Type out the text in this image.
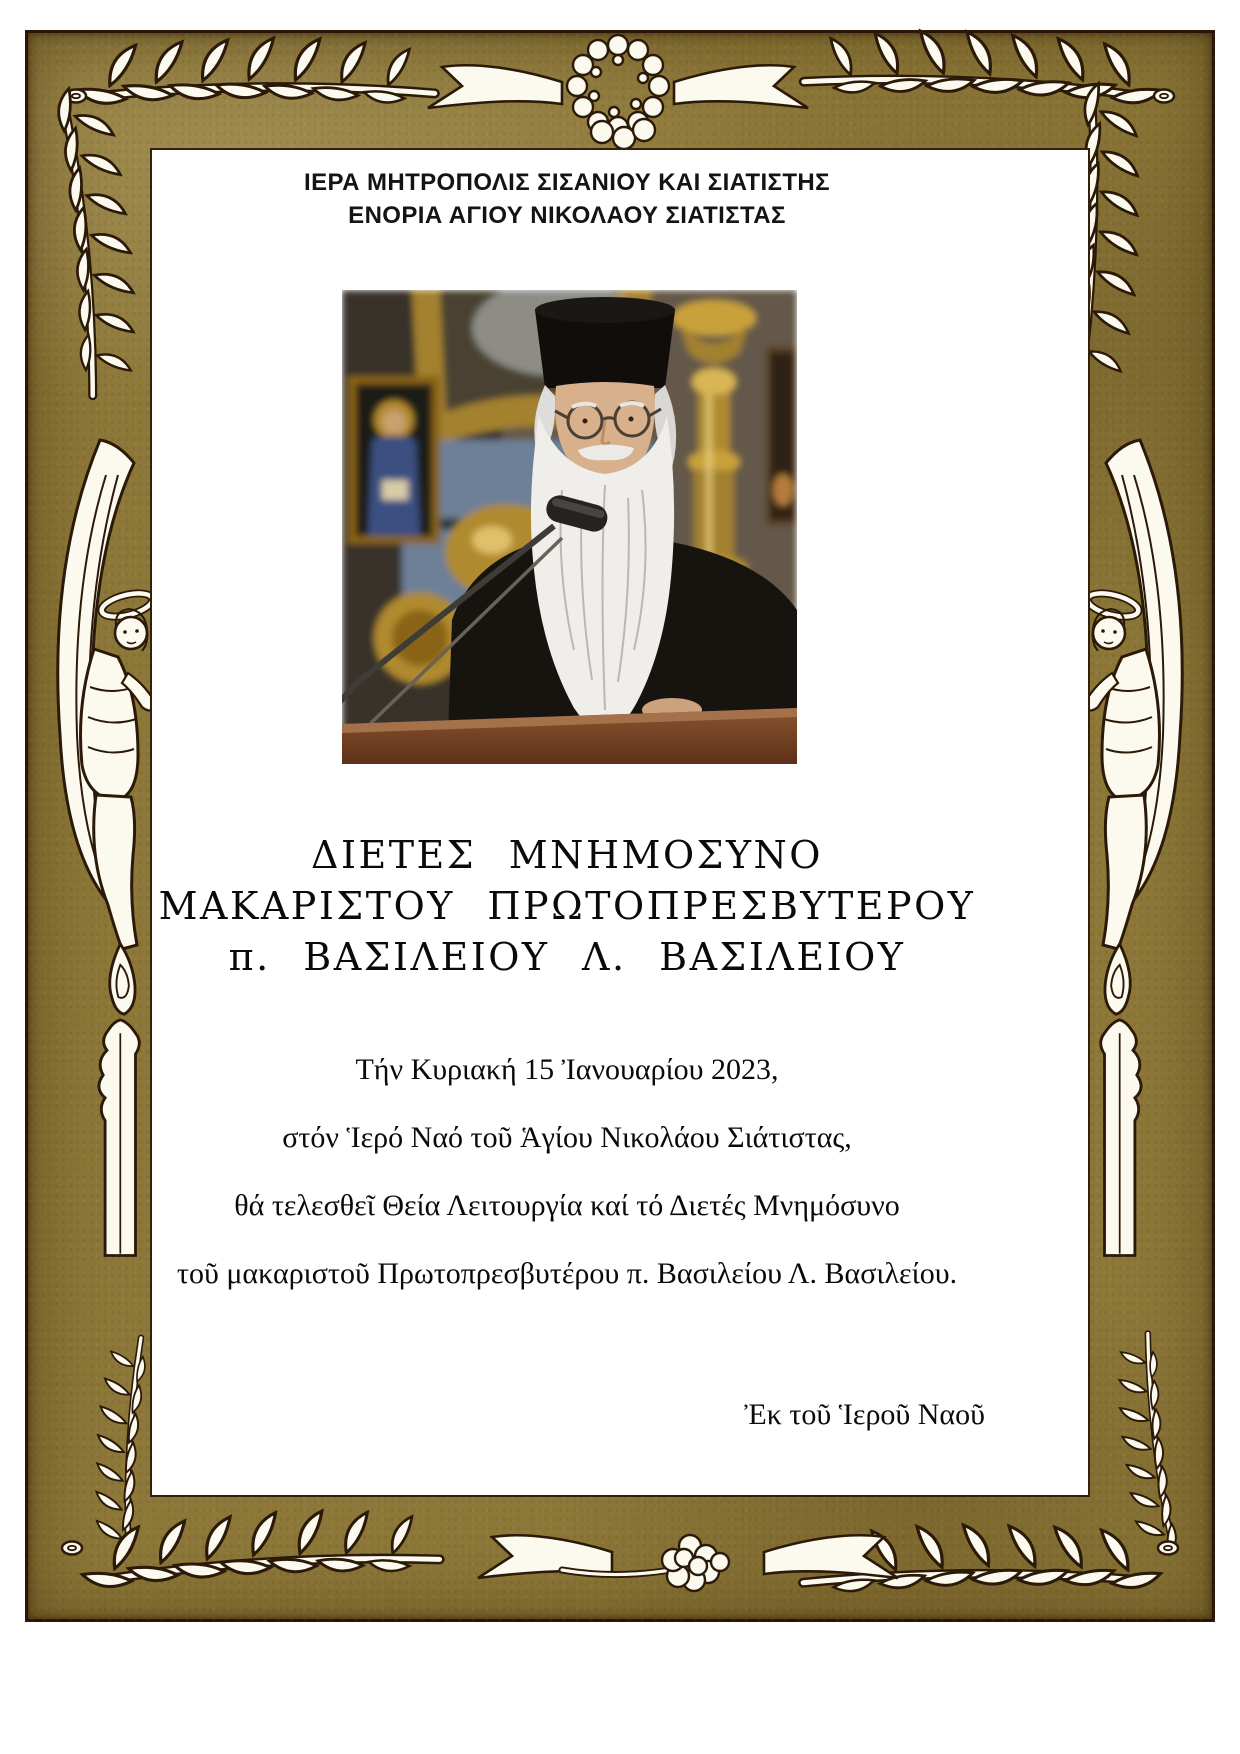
ΙΕΡΑ ΜΗΤΡΟΠΟΛΙΣ ΣΙΣΑΝΙΟΥ ΚΑΙ ΣΙΑΤΙΣΤΗΣ
ΕΝΟΡΙΑ ΑΓΙΟΥ ΝΙΚΟΛΑΟΥ ΣΙΑΤΙΣΤΑΣ
ΔΙΕΤΕΣ ΜΝΗΜΟΣΥΝΟ
ΜΑΚΑΡΙΣΤΟΥ ΠΡΩΤΟΠΡΕΣΒΥΤΕΡΟΥ
π. ΒΑΣΙΛΕΙΟΥ Λ. ΒΑΣΙΛΕΙΟΥ
Τήν Κυριακή 15 Ἰανουαρίου 2023,
στόν Ἱερό Ναό τοῦ Ἁγίου Νικολάου Σιάτιστας,
θά τελεσθεῖ Θεία Λειτουργία καί τό Διετές Μνημόσυνο
τοῦ μακαριστοῦ Πρωτοπρεσβυτέρου π. Βασιλείου Λ. Βασιλείου.
Ἐκ τοῦ Ἱεροῦ Ναοῦ
